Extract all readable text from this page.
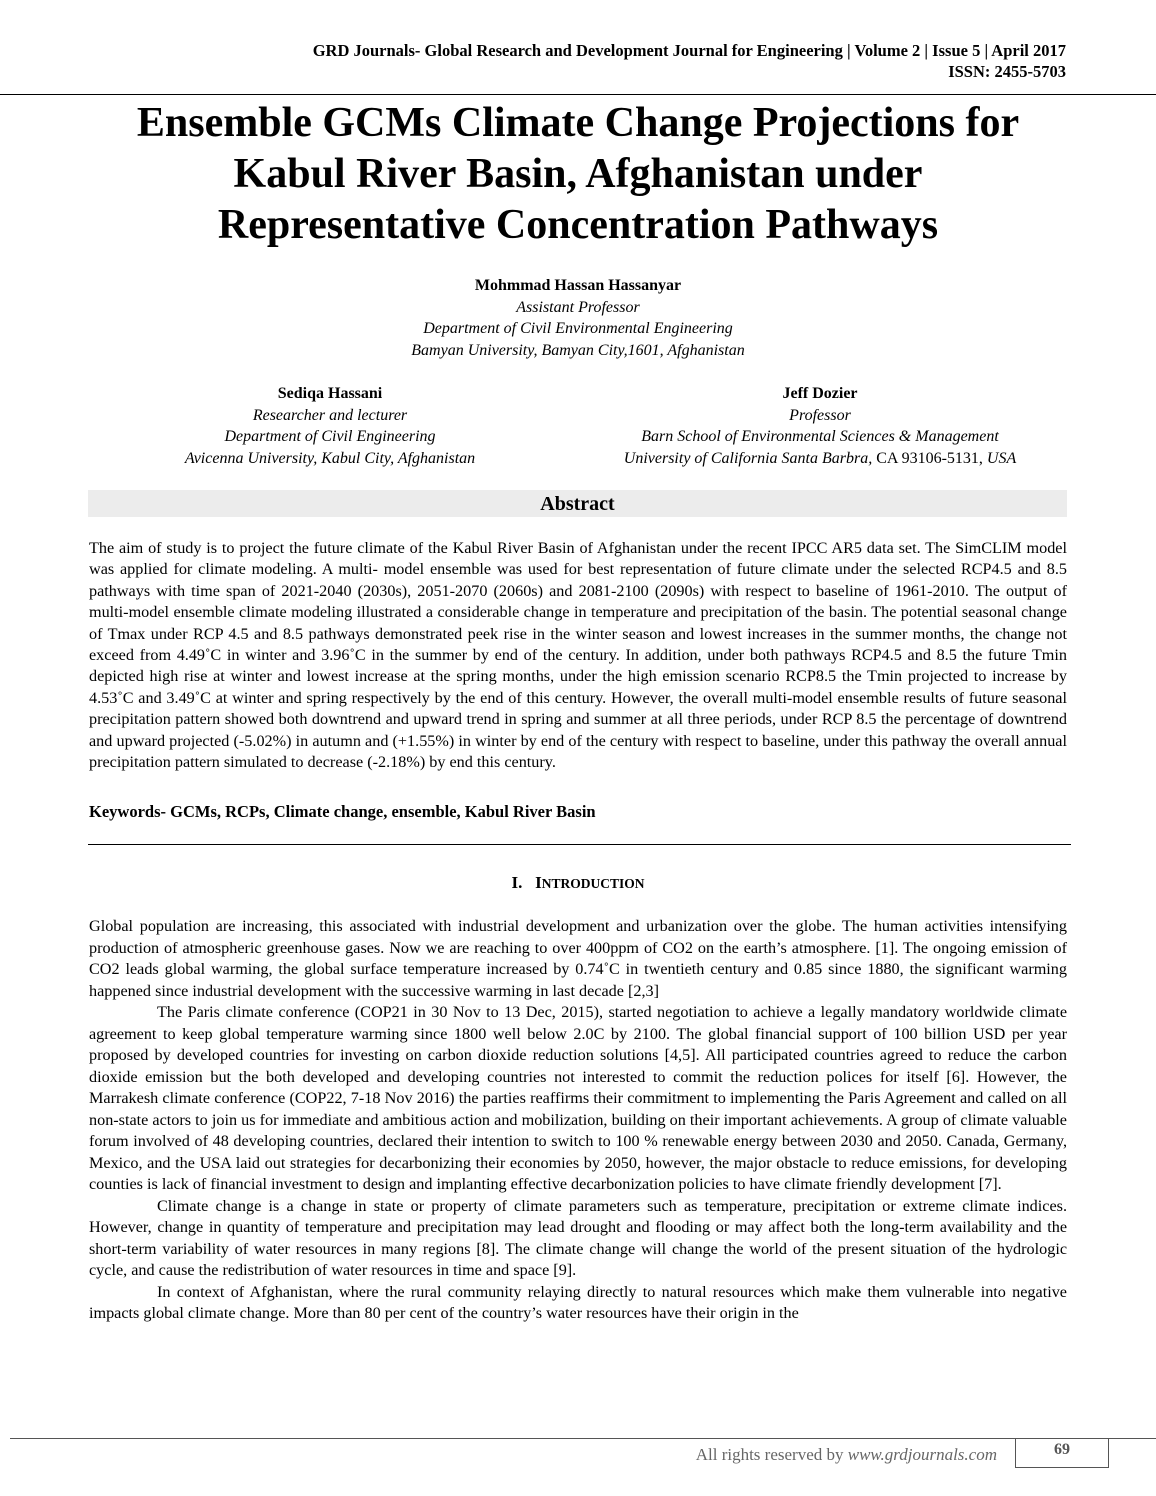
GRD Journals- Global Research and Development Journal for Engineering | Volume 2 | Issue 5 | April 2017
ISSN: 2455-5703
Ensemble GCMs Climate Change Projections for
Kabul River Basin, Afghanistan under
Representative Concentration Pathways
Mohmmad Hassan Hassanyar
Assistant Professor
Department of Civil Environmental Engineering
Bamyan University, Bamyan City,1601, Afghanistan
Sediqa Hassani
Researcher and lecturer
Department of Civil Engineering
Avicenna University, Kabul City, Afghanistan
Jeff Dozier
Professor
Barn School of Environmental Sciences & Management
University of California Santa Barbra, CA 93106-5131, USA
Abstract
The aim of study is to project the future climate of the Kabul River Basin of Afghanistan under the recent IPCC AR5 data set. The SimCLIM model was applied for climate modeling. A multi- model ensemble was used for best representation of future climate under the selected RCP4.5 and 8.5 pathways with time span of 2021-2040 (2030s), 2051-2070 (2060s) and 2081-2100 (2090s) with respect to baseline of 1961-2010. The output of multi-model ensemble climate modeling illustrated a considerable change in temperature and precipitation of the basin. The potential seasonal change of Tmax under RCP 4.5 and 8.5 pathways demonstrated peek rise in the winter season and lowest increases in the summer months, the change not exceed from 4.49˚C in winter and 3.96˚C in the summer by end of the century. In addition, under both pathways RCP4.5 and 8.5 the future Tmin depicted high rise at winter and lowest increase at the spring months, under the high emission scenario RCP8.5 the Tmin projected to increase by 4.53˚C and 3.49˚C at winter and spring respectively by the end of this century. However, the overall multi-model ensemble results of future seasonal precipitation pattern showed both downtrend and upward trend in spring and summer at all three periods, under RCP 8.5 the percentage of downtrend and upward projected (-5.02%) in autumn and (+1.55%) in winter by end of the century with respect to baseline, under this pathway the overall annual precipitation pattern simulated to decrease (-2.18%) by end this century.
Keywords- GCMs, RCPs, Climate change, ensemble, Kabul River Basin
I. INTRODUCTION

Global population are increasing, this associated with industrial development and urbanization over the globe. The human activities intensifying production of atmospheric greenhouse gases. Now we are reaching to over 400ppm of CO2 on the earth’s atmosphere. [1]. The ongoing emission of CO2 leads global warming, the global surface temperature increased by 0.74˚C in twentieth century and 0.85 since 1880, the significant warming happened since industrial development with the successive warming in last decade [2,3]

The Paris climate conference (COP21 in 30 Nov to 13 Dec, 2015), started negotiation to achieve a legally mandatory worldwide climate agreement to keep global temperature warming since 1800 well below 2.0C by 2100. The global financial support of 100 billion USD per year proposed by developed countries for investing on carbon dioxide reduction solutions [4,5]. All participated countries agreed to reduce the carbon dioxide emission but the both developed and developing countries not interested to commit the reduction polices for itself [6]. However, the Marrakesh climate conference (COP22, 7-18 Nov 2016) the parties reaffirms their commitment to implementing the Paris Agreement and called on all non-state actors to join us for immediate and ambitious action and mobilization, building on their important achievements. A group of climate valuable forum involved of 48 developing countries, declared their intention to switch to 100 % renewable energy between 2030 and 2050. Canada, Germany, Mexico, and the USA laid out strategies for decarbonizing their economies by 2050, however, the major obstacle to reduce emissions, for developing counties is lack of financial investment to design and implanting effective decarbonization policies to have climate friendly development [7].

Climate change is a change in state or property of climate parameters such as temperature, precipitation or extreme climate indices. However, change in quantity of temperature and precipitation may lead drought and flooding or may affect both the long-term availability and the short-term variability of water resources in many regions [8]. The climate change will change the world of the present situation of the hydrologic cycle, and cause the redistribution of water resources in time and space [9].

In context of Afghanistan, where the rural community relaying directly to natural resources which make them vulnerable into negative impacts global climate change. More than 80 per cent of the country’s water resources have their origin in the

All rights reserved by www.grdjournals.com	69
